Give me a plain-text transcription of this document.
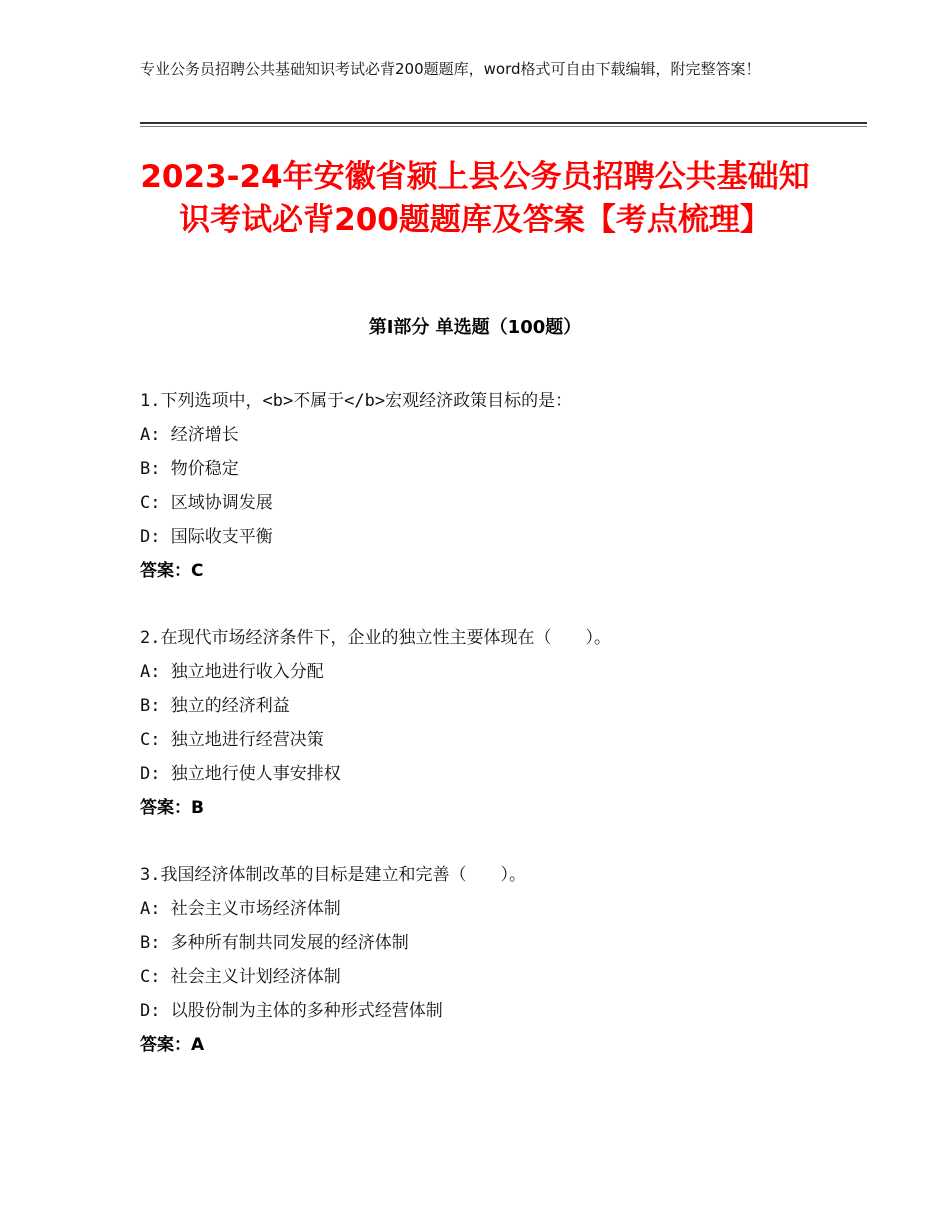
专业公务员招聘公共基础知识考试必背200题题库，word格式可自由下载编辑，附完整答案！
2023-24年安徽省颍上县公务员招聘公共基础知识考试必背200题题库及答案【考点梳理】
第Ⅰ部分 单选题（100题）
1.下列选项中，<b>不属于</b>宏观经济政策目标的是：
A: 经济增长
B: 物价稳定
C: 区域协调发展
D: 国际收支平衡
答案：C
2.在现代市场经济条件下，企业的独立性主要体现在（　　）。
A: 独立地进行收入分配
B: 独立的经济利益
C: 独立地进行经营决策
D: 独立地行使人事安排权
答案：B
3.我国经济体制改革的目标是建立和完善（　　）。
A: 社会主义市场经济体制
B: 多种所有制共同发展的经济体制
C: 社会主义计划经济体制
D: 以股份制为主体的多种形式经营体制
答案：A
